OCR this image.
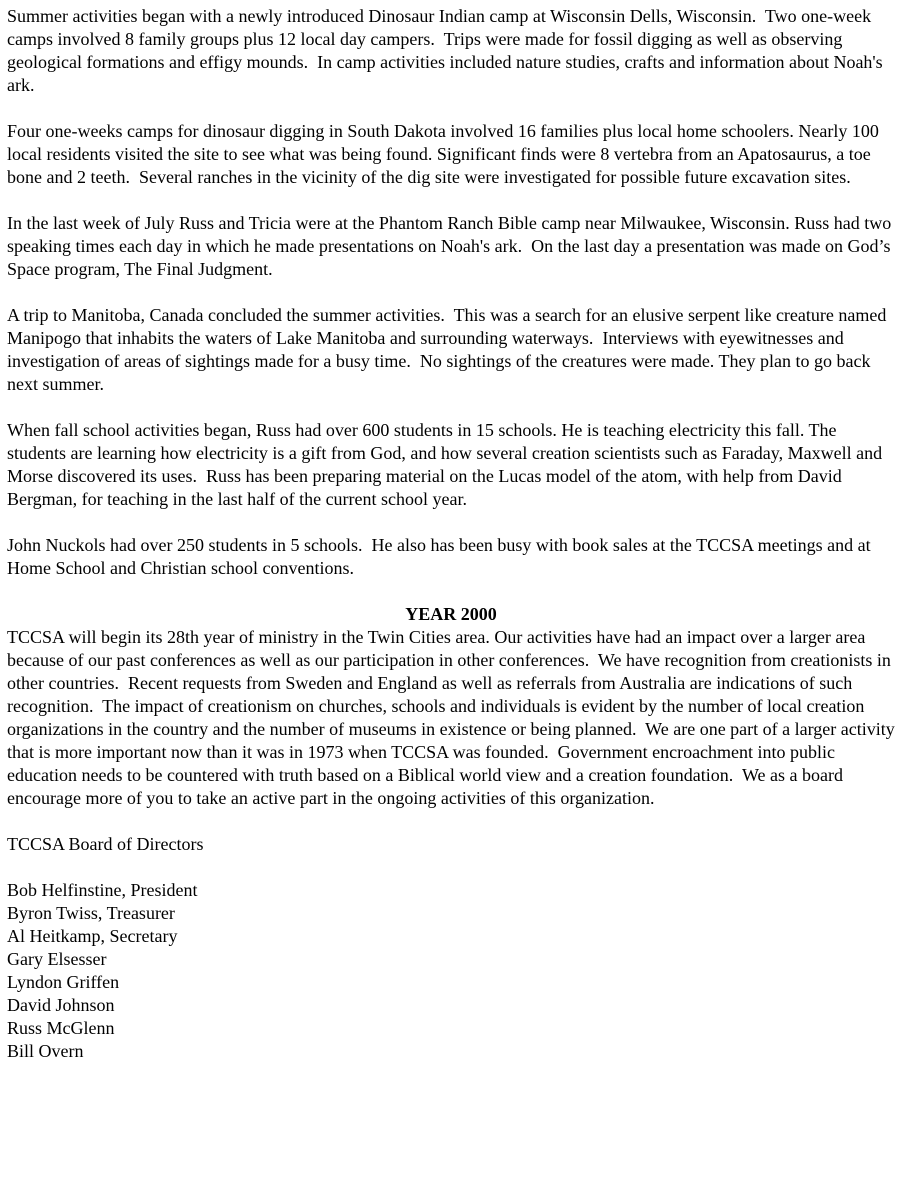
Summer activities began with a newly introduced Dinosaur Indian camp at Wisconsin Dells, Wisconsin.  Two one-week camps involved 8 family groups plus 12 local day campers.  Trips were made for fossil digging as well as observing geological formations and effigy mounds.  In camp activities included nature studies, crafts and information about Noah's ark.

Four one-weeks camps for dinosaur digging in South Dakota involved 16 families plus local home schoolers. Nearly 100 local residents visited the site to see what was being found. Significant finds were 8 vertebra from an Apatosaurus, a toe bone and 2 teeth.  Several ranches in the vicinity of the dig site were investigated for possible future excavation sites.

In the last week of July Russ and Tricia were at the Phantom Ranch Bible camp near Milwaukee, Wisconsin. Russ had two speaking times each day in which he made presentations on Noah's ark.  On the last day a presentation was made on God’s Space program, The Final Judgment.

A trip to Manitoba, Canada concluded the summer activities.  This was a search for an elusive serpent like creature named Manipogo that inhabits the waters of Lake Manitoba and surrounding waterways.  Interviews with eyewitnesses and investigation of areas of sightings made for a busy time.  No sightings of the creatures were made. They plan to go back next summer.

When fall school activities began, Russ had over 600 students in 15 schools. He is teaching electricity this fall. The students are learning how electricity is a gift from God, and how several creation scientists such as Faraday, Maxwell and Morse discovered its uses.  Russ has been preparing material on the Lucas model of the atom, with help from David Bergman, for teaching in the last half of the current school year.

John Nuckols had over 250 students in 5 schools.  He also has been busy with book sales at the TCCSA meetings and at Home School and Christian school conventions.

YEAR 2000

TCCSA will begin its 28th year of ministry in the Twin Cities area. Our activities have had an impact over a larger area because of our past conferences as well as our participation in other conferences.  We have recognition from creationists in other countries.  Recent requests from Sweden and England as well as referrals from Australia are indications of such recognition.  The impact of creationism on churches, schools and individuals is evident by the number of local creation organizations in the country and the number of museums in existence or being planned.  We are one part of a larger activity that is more important now than it was in 1973 when TCCSA was founded.  Government encroachment into public education needs to be countered with truth based on a Biblical world view and a creation foundation.  We as a board encourage more of you to take an active part in the ongoing activities of this organization.

TCCSA Board of Directors

Bob Helfinstine, President
Byron Twiss, Treasurer
Al Heitkamp, Secretary
Gary Elsesser
Lyndon Griffen
David Johnson
Russ McGlenn
Bill Overn
